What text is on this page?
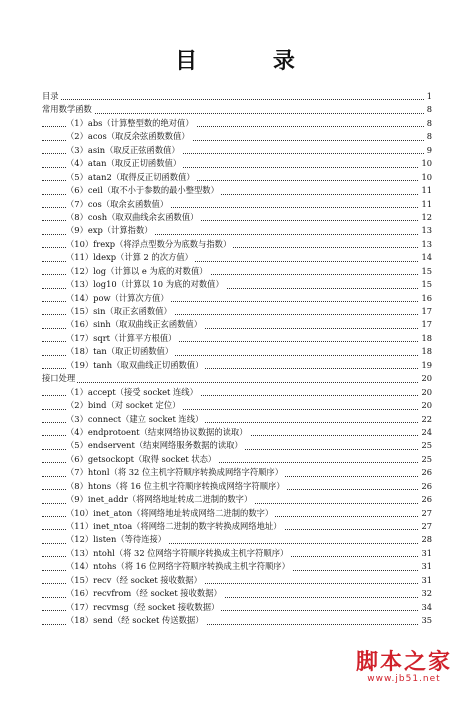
目 录
目录	1
常用数学函数	8
（1）abs（计算整型数的绝对值）	8
（2）acos（取反余弦函数数值）	8
（3）asin（取反正弦函数值）	9
（4）atan（取反正切函数值）	10
（5）atan2（取得反正切函数值）	10
（6）ceil（取不小于参数的最小整型数）	11
（7）cos（取余玄函数值）	11
（8）cosh（取双曲线余玄函数值）	12
（9）exp（计算指数）	13
（10）frexp（将浮点型数分为底数与指数）	13
（11）ldexp（计算 2 的次方值）	14
（12）log（计算以 e 为底的对数值）	15
（13）log10（计算以 10 为底的对数值）	15
（14）pow（计算次方值）	16
（15）sin（取正玄函数值）	17
（16）sinh（取双曲线正玄函数值）	17
（17）sqrt（计算平方根值）	18
（18）tan（取正切函数值）	18
（19）tanh（取双曲线正切函数值）	19
接口处理	20
（1）accept（接受 socket 连线）	20
（2）bind（对 socket 定位）	20
（3）connect（建立 socket 连线）	22
（4）endprotoent（结束网络协议数据的读取）	24
（5）endservent（结束网络服务数据的读取）	25
（6）getsockopt（取得 socket 状态）	25
（7）htonl（将 32 位主机字符顺序转换成网络字符顺序）	26
（8）htons（将 16 位主机字符顺序转换成网络字符顺序）	26
（9）inet_addr（将网络地址转成二进制的数字）	26
（10）inet_aton（将网络地址转成网络二进制的数字）	27
（11）inet_ntoa（将网络二进制的数字转换成网络地址）	27
（12）listen（等待连接）	28
（13）ntohl（将 32 位网络字符顺序转换成主机字符顺序）	31
（14）ntohs（将 16 位网络字符顺序转换成主机字符顺序）	31
（15）recv（经 socket 接收数据）	31
（16）recvfrom（经 socket 接收数据）	32
（17）recvmsg（经 socket 接收数据）	34
（18）send（经 socket 传送数据）	35
脚本之家
www.jb51.net
